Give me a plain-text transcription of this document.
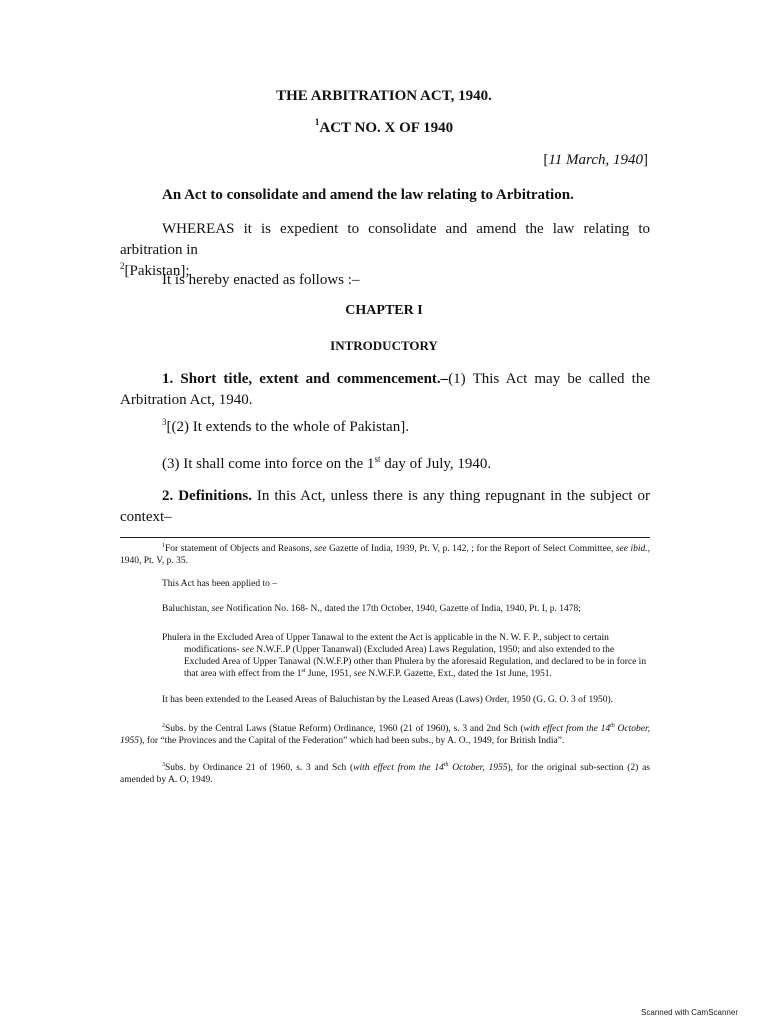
THE ARBITRATION ACT, 1940.

$^1$ACT NO. X OF 1940

[11 March, 1940]

An Act to consolidate and amend the law relating to Arbitration.

WHEREAS it is expedient to consolidate and amend the law relating to arbitration in
$^2$[Pakistan];

It is hereby enacted as follows :–

CHAPTER I

INTRODUCTORY

1. Short title, extent and commencement.–(1) This Act may be called the Arbitration Act, 1940.

$^3$[(2) It extends to the whole of Pakistan].

(3) It shall come into force on the 1st day of July, 1940.

2. Definitions. In this Act, unless there is any thing repugnant in the subject or context–

$^1$For statement of Objects and Reasons, see Gazette of India, 1939, Pt. V, p. 142, ; for the Report of Select Committee, see ibid., 1940, Pt. V, p. 35.

This Act has been applied to –

Baluchistan, see Notification No. 168- N., dated the 17th October, 1940, Gazette of India, 1940, Pt. I, p. 1478;

Phulera in the Excluded Area of Upper Tanawal to the extent the Act is applicable in the N. W. F. P., subject to certain
modifications- see N.W.F..P (Upper Tananwal) (Excluded Area) Laws Regulation, 1950; and also extended to the
Excluded Area of Upper Tanawal (N.W.F.P) other than Phulera by the aforesaid Regulation, and declared to be in force in
that area with effect from the 1st June, 1951, see N.W.F.P. Gazette, Ext., dated the 1st June, 1951.

It has been extended to the Leased Areas of Baluchistan by the Leased Areas (Laws) Order, 1950 (G. G. O. 3 of 1950).

$^2$Subs. by the Central Laws (Statue Reform) Ordinance, 1960 (21 of 1960), s. 3 and 2nd Sch (with effect from the 14th October, 1955), for “the Provinces and the Capital of the Federation” which had been subs., by A. O., 1949, for British India”.

$^3$Subs. by Ordinance 21 of 1960, s. 3 and Sch (with effect from the 14th October, 1955), for the original sub-section (2) as amended by A. O, 1949.

Scanned with CamScanner
